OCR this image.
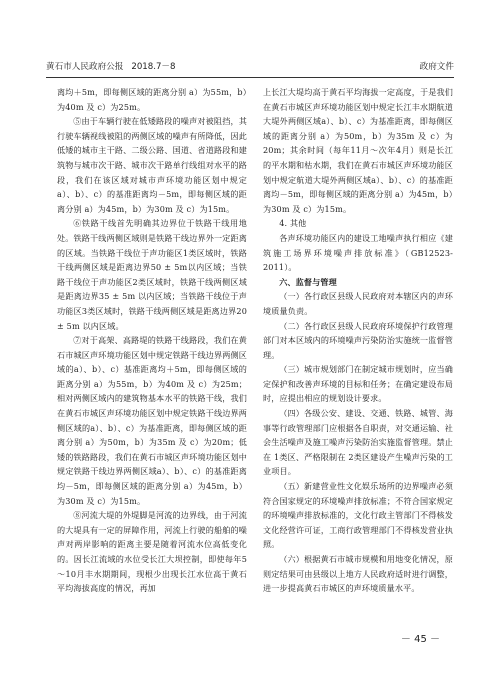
黄石市人民政府公报 2018.7－8	政府文件

离均＋5m，即每侧区域的距离分别 a）为55m，b）为40m 及 c）为25m。

⑤由于车辆行驶在低矮路段的噪声对被阻挡，其行驶车辆视线被阻的两侧区域的噪声有所降低，因此低矮的城市主干路、二级公路、国道、省道路段和建筑物与城市次干路、城市次干路单行线组对水平的路段，我们在该区域对城市声环境功能区划中规定a）、b）、c）的基准距离均－5m，即每侧区域的距离分别 a）为45m，b）为30m 及 c）为15m。

⑥铁路干线首先明确其边界位于铁路干线用地处。铁路干线两侧区域则是铁路干线边界外一定距离的区域。当铁路干线位于声功能区1类区域时，铁路干线两侧区域是距离边界50 ± 5m以内区域；当铁路干线位于声功能区2类区域时，铁路干线两侧区域是距离边界35 ± 5m 以内区域；当铁路干线位于声功能区3类区域时，铁路干线两侧区域是距离边界20 ± 5m 以内区域。

⑦对于高架、高路堤的铁路干线路段，我们在黄石市城区声环境功能区划中规定铁路干线边界两侧区域的a）、b）、c）基准距离均＋5m，即每侧区域的距离分别 a）为55m，b）为40m 及 c）为25m；相对两侧区域内的建筑物基本水平的铁路干线，我们在黄石市城区声环境功能区划中规定铁路干线边界两侧区域的a）、b）、c）为基准距离，即每侧区域的距离分别 a）为50m，b）为35m 及 c）为20m；低矮的铁路路段，我们在黄石市城区声环境功能区划中规定铁路干线边界两侧区域a）、b）、c）的基准距离均－5m，即每侧区域的距离分别 a）为45m，b）为30m 及 c）为15m。

⑧河流大堤的外堤脚是河流的边界线，由于河流的大堤具有一定的屏障作用，河流上行驶的船舶的噪声对两岸影响的距离主要是随着河流水位高低变化的。因长江流域的水位受长江大坝控制，即使每年5～10月丰水期期间，现根少出现长江水位高于黄石平均海拔高度的情况，再加

上长江大堤均高于黄石平均海拔一定高度，于是我们在黄石市城区声环境功能区划中规定长江丰水期航道大堤外两侧区域a）、b）、c）为基准距离，即每侧区域的距离分别 a）为50m，b）为35m 及 c）为20m；其余时间（每年11月～次年4月）则是长江的平水期和枯水期，我们在黄石市城区声环境功能区划中规定航道大堤外两侧区域a）、b）、c）的基准距离均－5m，即每侧区域的距离分别 a）为45m，b）为30m 及 c）为15m。

4. 其他

各声环境功能区内的建设工地噪声执行相应《建筑施工场界环境噪声排放标准》（GB12523-2011）。

六、监督与管理

（一）各行政区县级人民政府对本辖区内的声环境质量负责。

（二）各行政区县级人民政府环境保护行政管理部门对本区域内的环境噪声污染防治实施统一监督管理。

（三）城市规划部门在制定城市规划时，应当确定保护和改善声环境的目标和任务；在确定建设布局时，应提出相应的规划设计要求。

（四）各级公安、建设、交通、铁路、城管、海事等行政管理部门应根据各自职责，对交通运输、社会生活噪声及施工噪声污染防治实施监督管理。禁止在 1类区、严格限制在 2类区建设产生噪声污染的工业项目。

（五）新建营业性文化娱乐场所的边界噪声必须符合国家规定的环境噪声排放标准；不符合国家规定的环境噪声排放标准的，文化行政主管部门不得核发文化经营许可证，工商行政管理部门不得核发营业执照。

（六）根据黄石市城市规模和用地变化情况，原则定结果可由县级以上地方人民政府适时进行调整，进一步提高黄石市城区的声环境质量水平。

－ 45 －
